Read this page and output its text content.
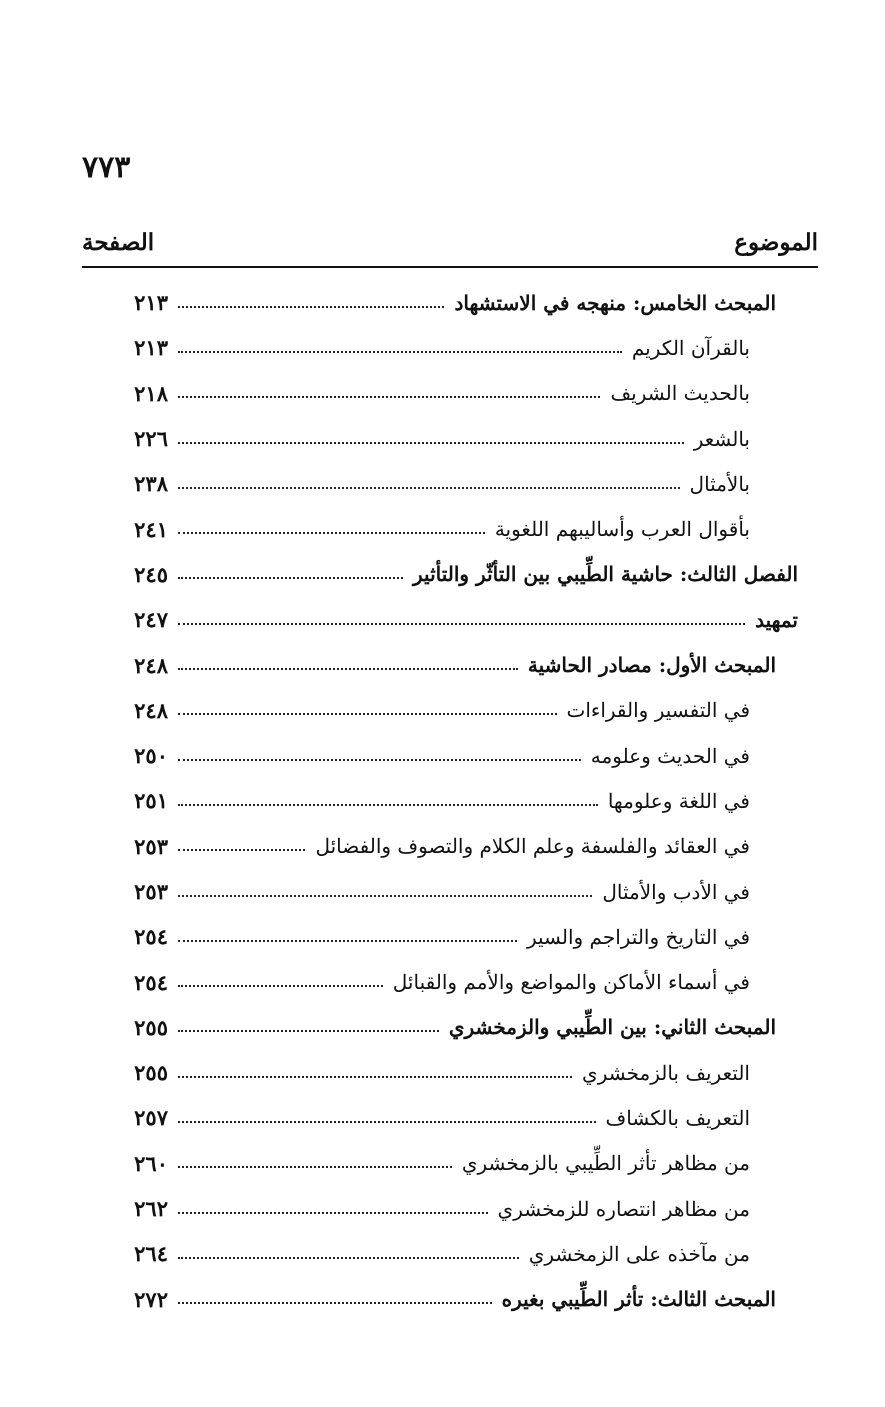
٧٧٣
الموضوع
الصفحة
المبحث الخامس: منهجه في الاستشهاد
٢١٣
بالقرآن الكريم
٢١٣
بالحديث الشريف
٢١٨
بالشعر
٢٢٦
بالأمثال
٢٣٨
بأقوال العرب وأساليبهم اللغوية
٢٤١
الفصل الثالث: حاشية الطِّيبي بين التأثّر والتأثير
٢٤٥
تمهيد
٢٤٧
المبحث الأول: مصادر الحاشية
٢٤٨
في التفسير والقراءات
٢٤٨
في الحديث وعلومه
٢٥٠
في اللغة وعلومها
٢٥١
في العقائد والفلسفة وعلم الكلام والتصوف والفضائل
٢٥٣
في الأدب والأمثال
٢٥٣
في التاريخ والتراجم والسير
٢٥٤
في أسماء الأماكن والمواضع والأمم والقبائل
٢٥٤
المبحث الثاني: بين الطِّيبي والزمخشري
٢٥٥
التعريف بالزمخشري
٢٥٥
التعريف بالكشاف
٢٥٧
من مظاهر تأثر الطِّيبي بالزمخشري
٢٦٠
من مظاهر انتصاره للزمخشري
٢٦٢
من مآخذه على الزمخشري
٢٦٤
المبحث الثالث: تأثر الطِّيبي بغيره
٢٧٢
